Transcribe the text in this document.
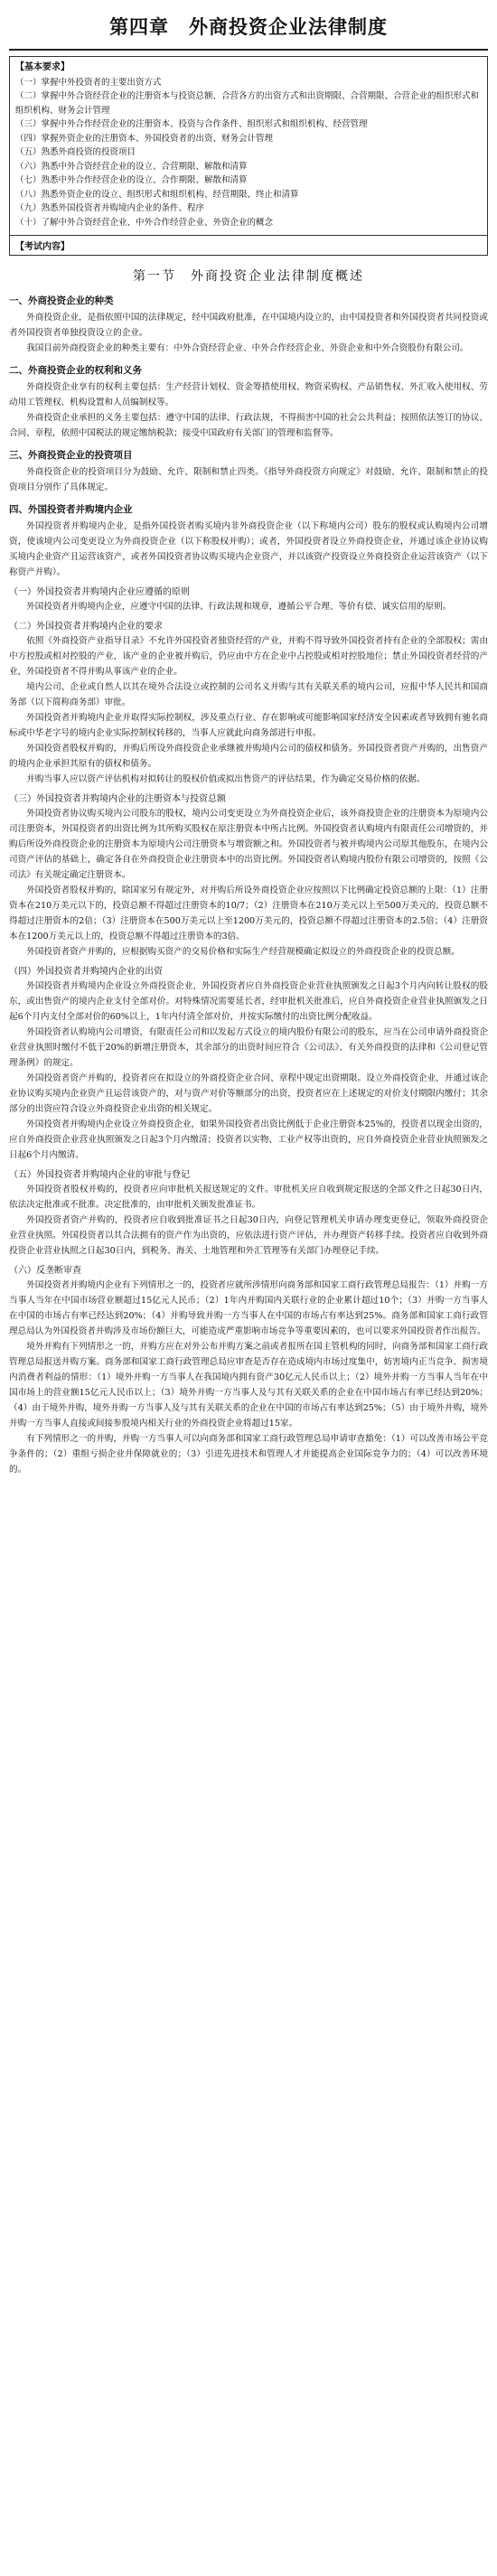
第四章　外商投资企业法律制度
【基本要求】
（一）掌握中外投资者的主要出资方式
（二）掌握中外合资经营企业的注册资本与投资总额、合营各方的出资方式和出资期限、合营期限、合营企业的组织形式和组织机构、财务会计管理
（三）掌握中外合作经营企业的注册资本、投资与合作条件、组织形式和组织机构、经营管理
（四）掌握外资企业的注册资本、外国投资者的出资、财务会计管理
（五）熟悉外商投资的投资项目
（六）熟悉中外合资经营企业的设立、合营期限、解散和清算
（七）熟悉中外合作经营企业的设立、合作期限、解散和清算
（八）熟悉外资企业的设立、组织形式和组织机构、经营期限、终止和清算
（九）熟悉外国投资者并购境内企业的条件、程序
（十）了解中外合资经营企业、中外合作经营企业、外资企业的概念
【考试内容】
第一节　外商投资企业法律制度概述
一、外商投资企业的种类

外商投资企业，是指依照中国的法律规定，经中国政府批准，在中国境内设立的，由中国投资者和外国投资者共同投资或者外国投资者单独投资设立的企业。

我国目前外商投资企业的种类主要有：中外合资经营企业、中外合作经营企业、外资企业和中外合资股份有限公司。

二、外商投资企业的权利和义务

外商投资企业享有的权利主要包括：生产经营计划权、资金筹措使用权、物资采购权、产品销售权、外汇收入使用权、劳动用工管理权、机构设置和人员编制权等。

外商投资企业承担的义务主要包括：遵守中国的法律、行政法规，不得损害中国的社会公共利益；按照依法签订的协议、合同、章程，依照中国税法的规定缴纳税款；接受中国政府有关部门的管理和监督等。

三、外商投资企业的投资项目

外商投资企业的投资项目分为鼓励、允许、限制和禁止四类。《指导外商投资方向规定》对鼓励、允许、限制和禁止的投资项目分别作了具体规定。

四、外国投资者并购境内企业

外国投资者并购境内企业，是指外国投资者购买境内非外商投资企业（以下称境内公司）股东的股权或认购境内公司增资，使该境内公司变更设立为外商投资企业（以下称股权并购）；或者，外国投资者设立外商投资企业，并通过该企业协议购买境内企业资产且运营该资产，或者外国投资者协议购买境内企业资产，并以该资产投资设立外商投资企业运营该资产（以下称资产并购）。

（一）外国投资者并购境内企业应遵循的原则

外国投资者并购境内企业，应遵守中国的法律、行政法规和规章，遵循公平合理、等价有偿、诚实信用的原则。

（二）外国投资者并购境内企业的要求

依照《外商投资产业指导目录》不允许外国投资者独资经营的产业，并购不得导致外国投资者持有企业的全部股权；需由中方控股或相对控股的产业，该产业的企业被并购后，仍应由中方在企业中占控股或相对控股地位；禁止外国投资者经营的产业，外国投资者不得并购从事该产业的企业。

境内公司、企业或自然人以其在境外合法设立或控制的公司名义并购与其有关联关系的境内公司，应报中华人民共和国商务部（以下简称商务部）审批。

外国投资者并购境内企业并取得实际控制权，涉及重点行业、存在影响或可能影响国家经济安全因素或者导致拥有驰名商标或中华老字号的境内企业实际控制权转移的，当事人应就此向商务部进行申报。

外国投资者股权并购的，并购后所设外商投资企业承继被并购境内公司的债权和债务。外国投资者资产并购的，出售资产的境内企业承担其原有的债权和债务。

并购当事人应以资产评估机构对拟转让的股权价值或拟出售资产的评估结果，作为确定交易价格的依据。

（三）外国投资者并购境内企业的注册资本与投资总额

外国投资者协议购买境内公司股东的股权，境内公司变更设立为外商投资企业后，该外商投资企业的注册资本为原境内公司注册资本，外国投资者的出资比例为其所购买股权在原注册资本中所占比例。外国投资者认购境内有限责任公司增资的，并购后所设外商投资企业的注册资本为原境内公司注册资本与增资额之和。外国投资者与被并购境内公司原其他股东，在境内公司资产评估的基础上，确定各自在外商投资企业注册资本中的出资比例。外国投资者认购境内股份有限公司增资的，按照《公司法》有关规定确定注册资本。

外国投资者股权并购的，除国家另有规定外，对并购后所设外商投资企业应按照以下比例确定投资总额的上限：（1）注册资本在210万美元以下的，投资总额不得超过注册资本的10/7；（2）注册资本在210万美元以上至500万美元的，投资总额不得超过注册资本的2倍；（3）注册资本在500万美元以上至1200万美元的，投资总额不得超过注册资本的2.5倍；（4）注册资本在1200万美元以上的，投资总额不得超过注册资本的3倍。

外国投资者资产并购的，应根据购买资产的交易价格和实际生产经营规模确定拟设立的外商投资企业的投资总额。

（四）外国投资者并购境内企业的出资

外国投资者并购境内企业设立外商投资企业，外国投资者应自外商投资企业营业执照颁发之日起3个月内向转让股权的股东，或出售资产的境内企业支付全部对价。对特殊情况需要延长者，经审批机关批准后，应自外商投资企业营业执照颁发之日起6个月内支付全部对价的60%以上，1年内付清全部对价，并按实际缴付的出资比例分配收益。

外国投资者认购境内公司增资，有限责任公司和以发起方式设立的境内股份有限公司的股东，应当在公司申请外商投资企业营业执照时缴付不低于20%的新增注册资本，其余部分的出资时间应符合《公司法》、有关外商投资的法律和《公司登记管理条例》的规定。

外国投资者资产并购的，投资者应在拟设立的外商投资企业合同、章程中规定出资期限。设立外商投资企业，并通过该企业协议购买境内企业资产且运营该资产的，对与资产对价等额部分的出资，投资者应在上述规定的对价支付期限内缴付；其余部分的出资应符合设立外商投资企业出资的相关规定。

外国投资者并购境内企业设立外商投资企业，如果外国投资者出资比例低于企业注册资本25%的，投资者以现金出资的，应自外商投资企业营业执照颁发之日起3个月内缴清；投资者以实物、工业产权等出资的，应自外商投资企业营业执照颁发之日起6个月内缴清。

（五）外国投资者并购境内企业的审批与登记

外国投资者股权并购的，投资者应向审批机关报送规定的文件。审批机关应自收到规定报送的全部文件之日起30日内，依法决定批准或不批准。决定批准的，由审批机关颁发批准证书。

外国投资者资产并购的，投资者应自收到批准证书之日起30日内，向登记管理机关申请办理变更登记，领取外商投资企业营业执照。外国投资者以其合法拥有的资产作为出资的，应依法进行资产评估，并办理资产转移手续。投资者应自收到外商投资企业营业执照之日起30日内，到税务、海关、土地管理和外汇管理等有关部门办理登记手续。

（六）反垄断审查

外国投资者并购境内企业有下列情形之一的，投资者应就所涉情形向商务部和国家工商行政管理总局报告：（1）并购一方当事人当年在中国市场营业额超过15亿元人民币；（2）1年内并购国内关联行业的企业累计超过10个；（3）并购一方当事人在中国的市场占有率已经达到20%；（4）并购导致并购一方当事人在中国的市场占有率达到25%。商务部和国家工商行政管理总局认为外国投资者并购涉及市场份额巨大，可能造成严重影响市场竞争等重要因素的，也可以要求外国投资者作出报告。

境外并购有下列情形之一的，并购方应在对外公布并购方案之前或者报所在国主管机构的同时，向商务部和国家工商行政管理总局报送并购方案。商务部和国家工商行政管理总局应审查是否存在造成境内市场过度集中，妨害境内正当竞争、损害境内消费者利益的情形：（1）境外并购一方当事人在我国境内拥有资产30亿元人民币以上；（2）境外并购一方当事人当年在中国市场上的营业额15亿元人民币以上；（3）境外并购一方当事人及与其有关联关系的企业在中国市场占有率已经达到20%；（4）由于境外并购，境外并购一方当事人及与其有关联关系的企业在中国的市场占有率达到25%；（5）由于境外并购，境外并购一方当事人直接或间接参股境内相关行业的外商投资企业将超过15家。

有下列情形之一的并购，并购一方当事人可以向商务部和国家工商行政管理总局申请审查豁免：（1）可以改善市场公平竞争条件的；（2）重组亏损企业并保障就业的；（3）引进先进技术和管理人才并能提高企业国际竞争力的；（4）可以改善环境的。
